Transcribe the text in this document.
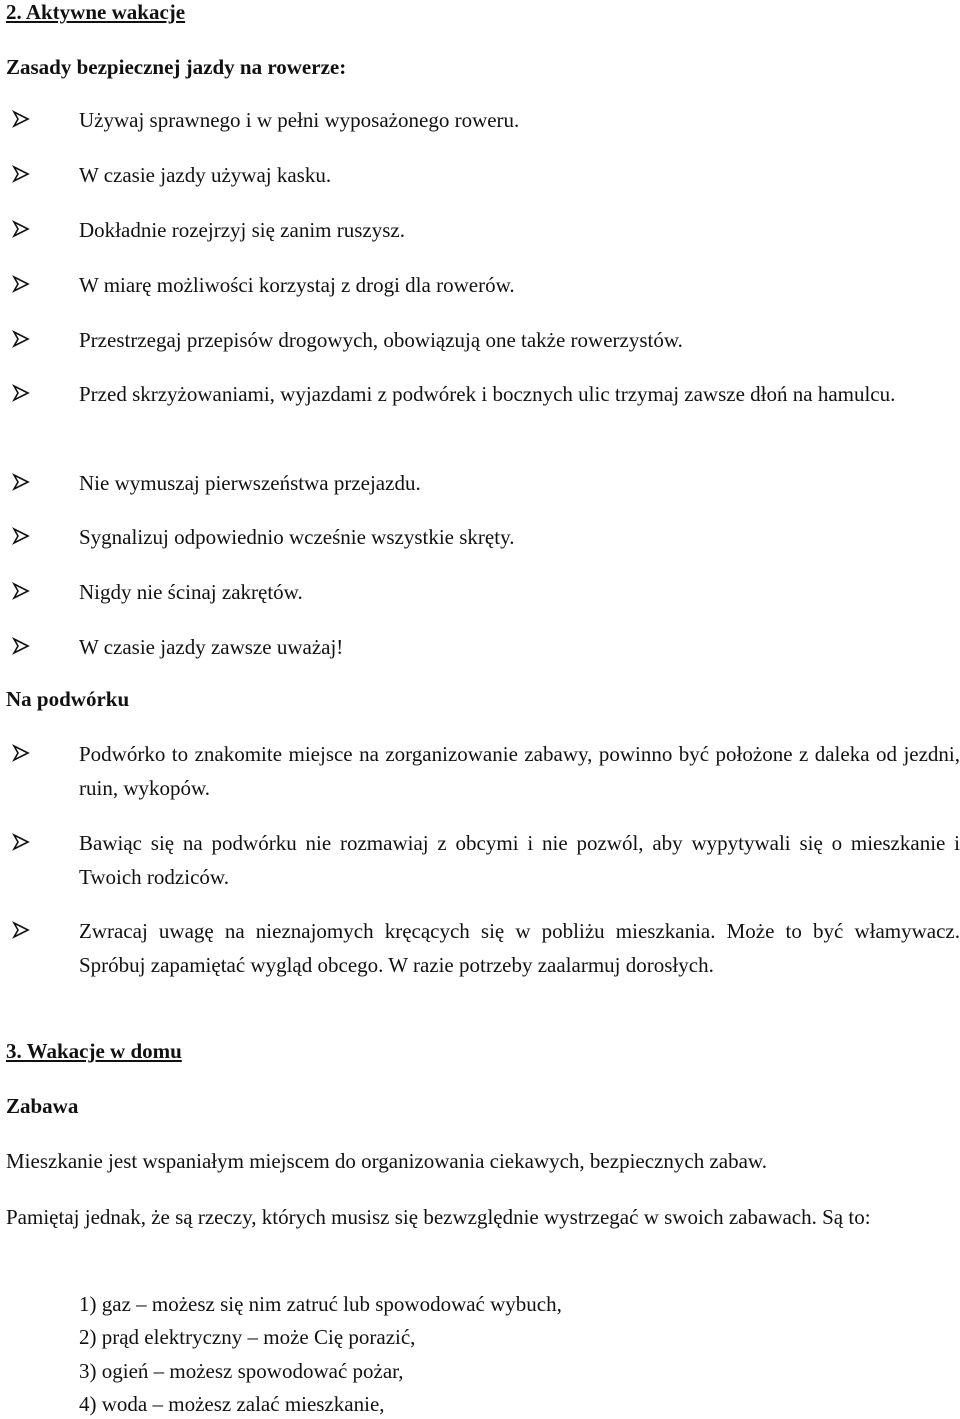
2. Aktywne wakacje
Zasady bezpiecznej jazdy na rowerze:
Używaj sprawnego i w pełni wyposażonego roweru.
W czasie jazdy używaj kasku.
Dokładnie rozejrzyj się zanim ruszysz.
W miarę możliwości korzystaj z drogi dla rowerów.
Przestrzegaj przepisów drogowych, obowiązują one także rowerzystów.
Przed skrzyżowaniami, wyjazdami z podwórek i bocznych ulic trzymaj zawsze dłoń na hamulcu.
Nie wymuszaj pierwszeństwa przejazdu.
Sygnalizuj odpowiednio wcześnie wszystkie skręty.
Nigdy nie ścinaj zakrętów.
W czasie jazdy zawsze uważaj!
Na podwórku
Podwórko to znakomite miejsce na zorganizowanie zabawy, powinno być położone z daleka od jezdni, ruin, wykopów.
Bawiąc się na podwórku nie rozmawiaj z obcymi i nie pozwól, aby wypytywali się o mieszkanie i Twoich rodziców.
Zwracaj uwagę na nieznajomych kręcących się w pobliżu mieszkania. Może to być włamywacz. Spróbuj zapamiętać wygląd obcego. W razie potrzeby zaalarmuj dorosłych.
3. Wakacje w domu
Zabawa
Mieszkanie jest wspaniałym miejscem do organizowania ciekawych, bezpiecznych zabaw.
Pamiętaj jednak, że są rzeczy, których musisz się bezwzględnie wystrzegać w swoich zabawach. Są to:
1) gaz – możesz się nim zatruć lub spowodować wybuch,
2) prąd elektryczny – może Cię porazić,
3) ogień – możesz spowodować pożar,
4) woda – możesz zalać mieszkanie,
